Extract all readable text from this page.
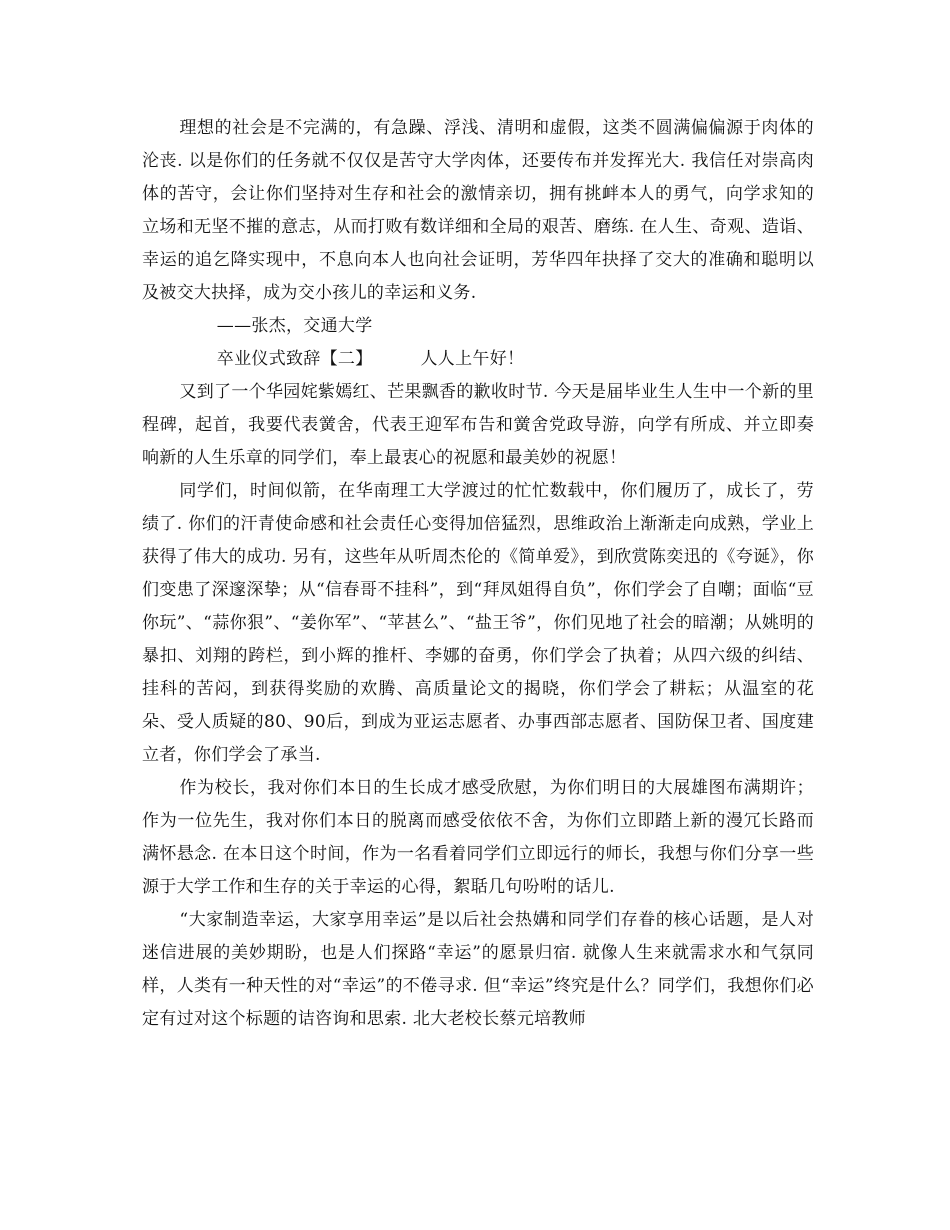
理想的社会是不完满的，有急躁、浮浅、清明和虚假，这类不圆满偏偏源于肉体的沦丧. 以是你们的任务就不仅仅是苦守大学肉体，还要传布并发挥光大. 我信任对崇高肉体的苦守，会让你们坚持对生存和社会的激情亲切，拥有挑衅本人的勇气，向学求知的立场和无坚不摧的意志，从而打败有数详细和全局的艰苦、磨练. 在人生、奇观、造诣、幸运的追乞降实现中，不息向本人也向社会证明，芳华四年抉择了交大的准确和聪明以及被交大抉择，成为交小孩儿的幸运和义务.

——张杰，交通大学

卒业仪式致辞【二】	人人上午好！

又到了一个华园姹紫嫣红、芒果飘香的歉收时节. 今天是届毕业生人生中一个新的里程碑，起首，我要代表黉舍，代表王迎军布告和黉舍党政导游，向学有所成、并立即奏响新的人生乐章的同学们，奉上最衷心的祝愿和最美妙的祝愿！

同学们，时间似箭，在华南理工大学渡过的忙忙数载中，你们履历了，成长了，劳绩了. 你们的汗青使命感和社会责任心变得加倍猛烈，思维政治上渐渐走向成熟，学业上获得了伟大的成功. 另有，这些年从听周杰伦的《简单爱》，到欣赏陈奕迅的《夸诞》，你们变患了深邃深挚；从“信春哥不挂科”，到“拜凤姐得自负”，你们学会了自嘲；面临“豆你玩”、“蒜你狠”、“姜你军”、“苹甚么”、“盐王爷”，你们见地了社会的暗潮；从姚明的暴扣、刘翔的跨栏，到小辉的推杆、李娜的奋勇，你们学会了执着；从四六级的纠结、挂科的苦闷，到获得奖励的欢腾、高质量论文的揭晓，你们学会了耕耘；从温室的花朵、受人质疑的80、90后，到成为亚运志愿者、办事西部志愿者、国防保卫者、国度建立者，你们学会了承当.

作为校长，我对你们本日的生长成才感受欣慰，为你们明日的大展雄图布满期许；作为一位先生，我对你们本日的脱离而感受依依不舍，为你们立即踏上新的漫冗长路而满怀悬念. 在本日这个时间，作为一名看着同学们立即远行的师长，我想与你们分享一些源于大学工作和生存的关于幸运的心得，絮聒几句吩咐的话儿.

“大家制造幸运，大家享用幸运”是以后社会热媾和同学们存眷的核心话题，是人对迷信进展的美妙期盼，也是人们探路“幸运”的愿景归宿. 就像人生来就需求水和气氛同样，人类有一种天性的对“幸运”的不倦寻求. 但“幸运”终究是什么？同学们，我想你们必定有过对这个标题的诘咨询和思索. 北大老校长蔡元培教师
